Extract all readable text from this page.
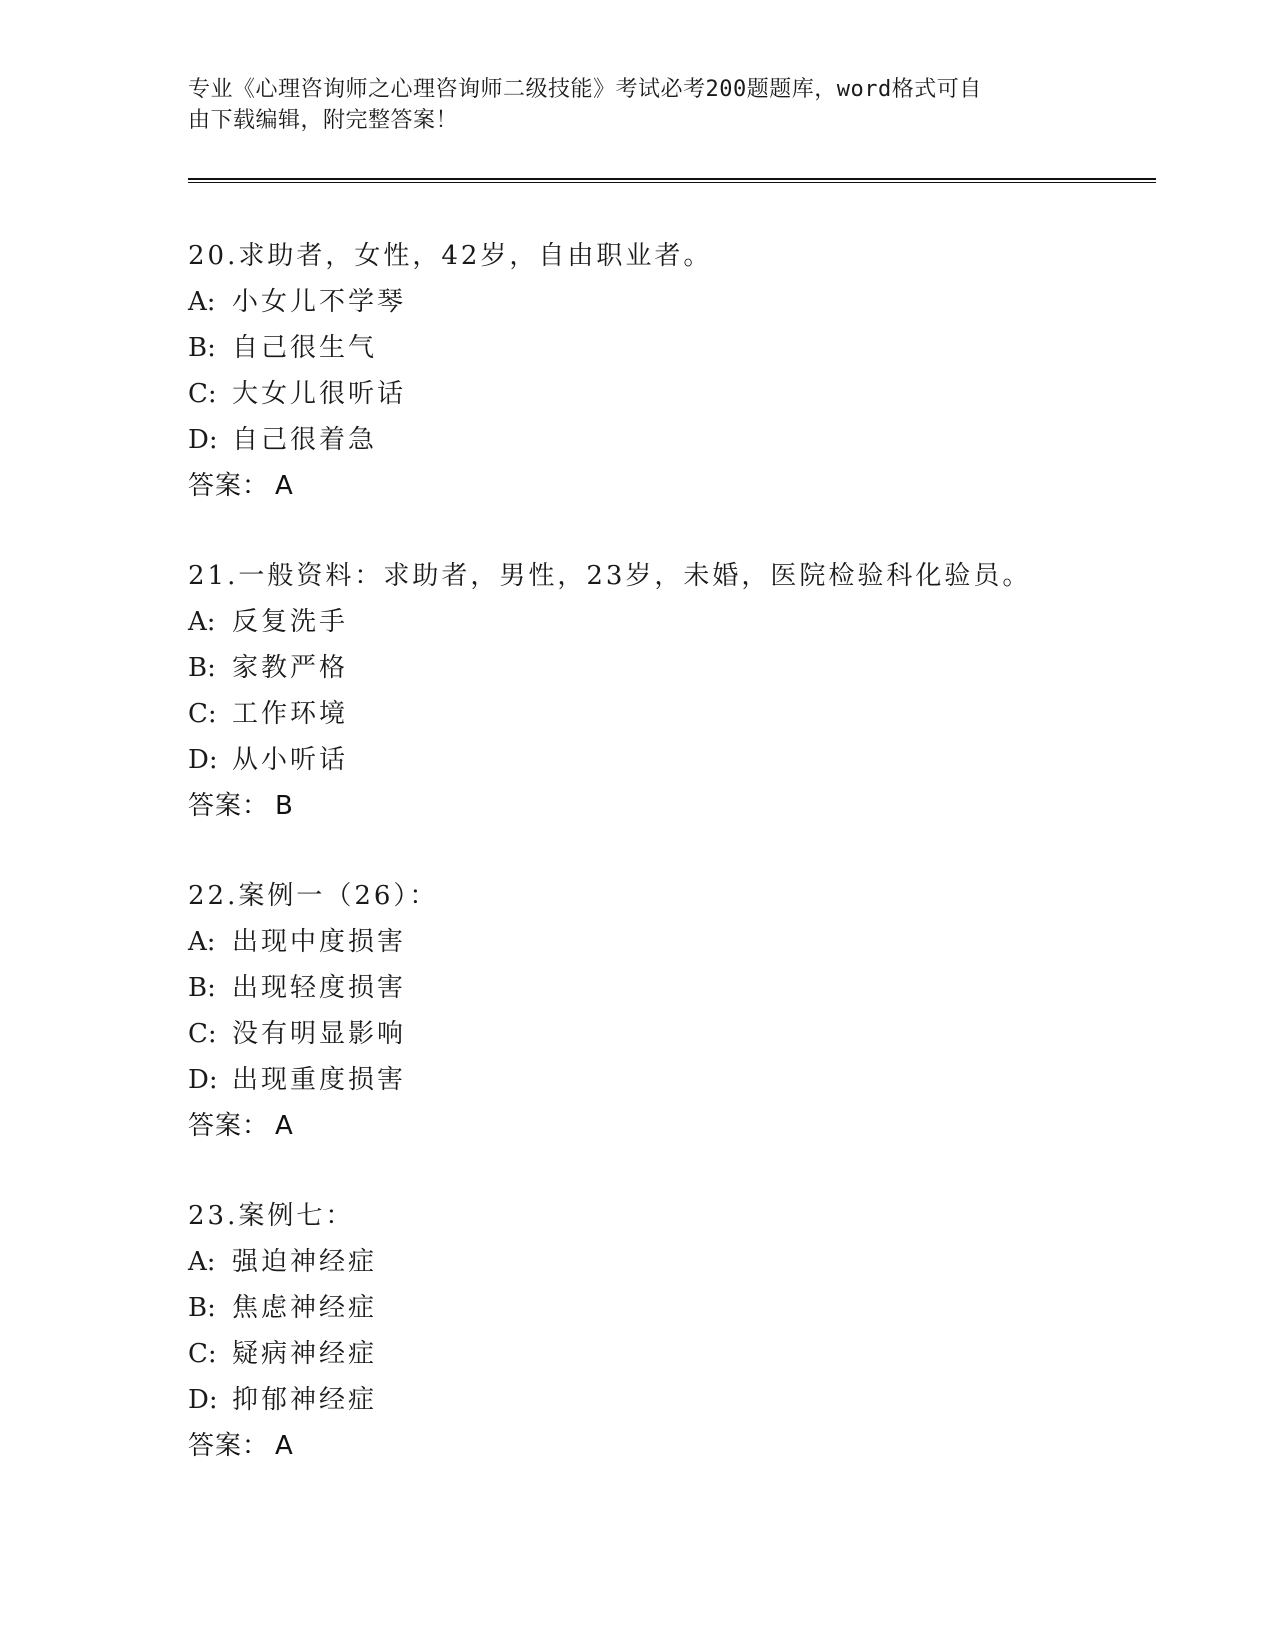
专业《心理咨询师之心理咨询师二级技能》考试必考200题题库，word格式可自
由下载编辑，附完整答案！
20.求助者，女性，42岁，自由职业者。
A: 小女儿不学琴
B: 自己很生气
C: 大女儿很听话
D: 自己很着急
答案： A
21.一般资料：求助者，男性，23岁，未婚，医院检验科化验员。
A: 反复洗手
B: 家教严格
C: 工作环境
D: 从小听话
答案： B
22.案例一（26）：
A: 出现中度损害
B: 出现轻度损害
C: 没有明显影响
D: 出现重度损害
答案： A
23.案例七：
A: 强迫神经症
B: 焦虑神经症
C: 疑病神经症
D: 抑郁神经症
答案： A
